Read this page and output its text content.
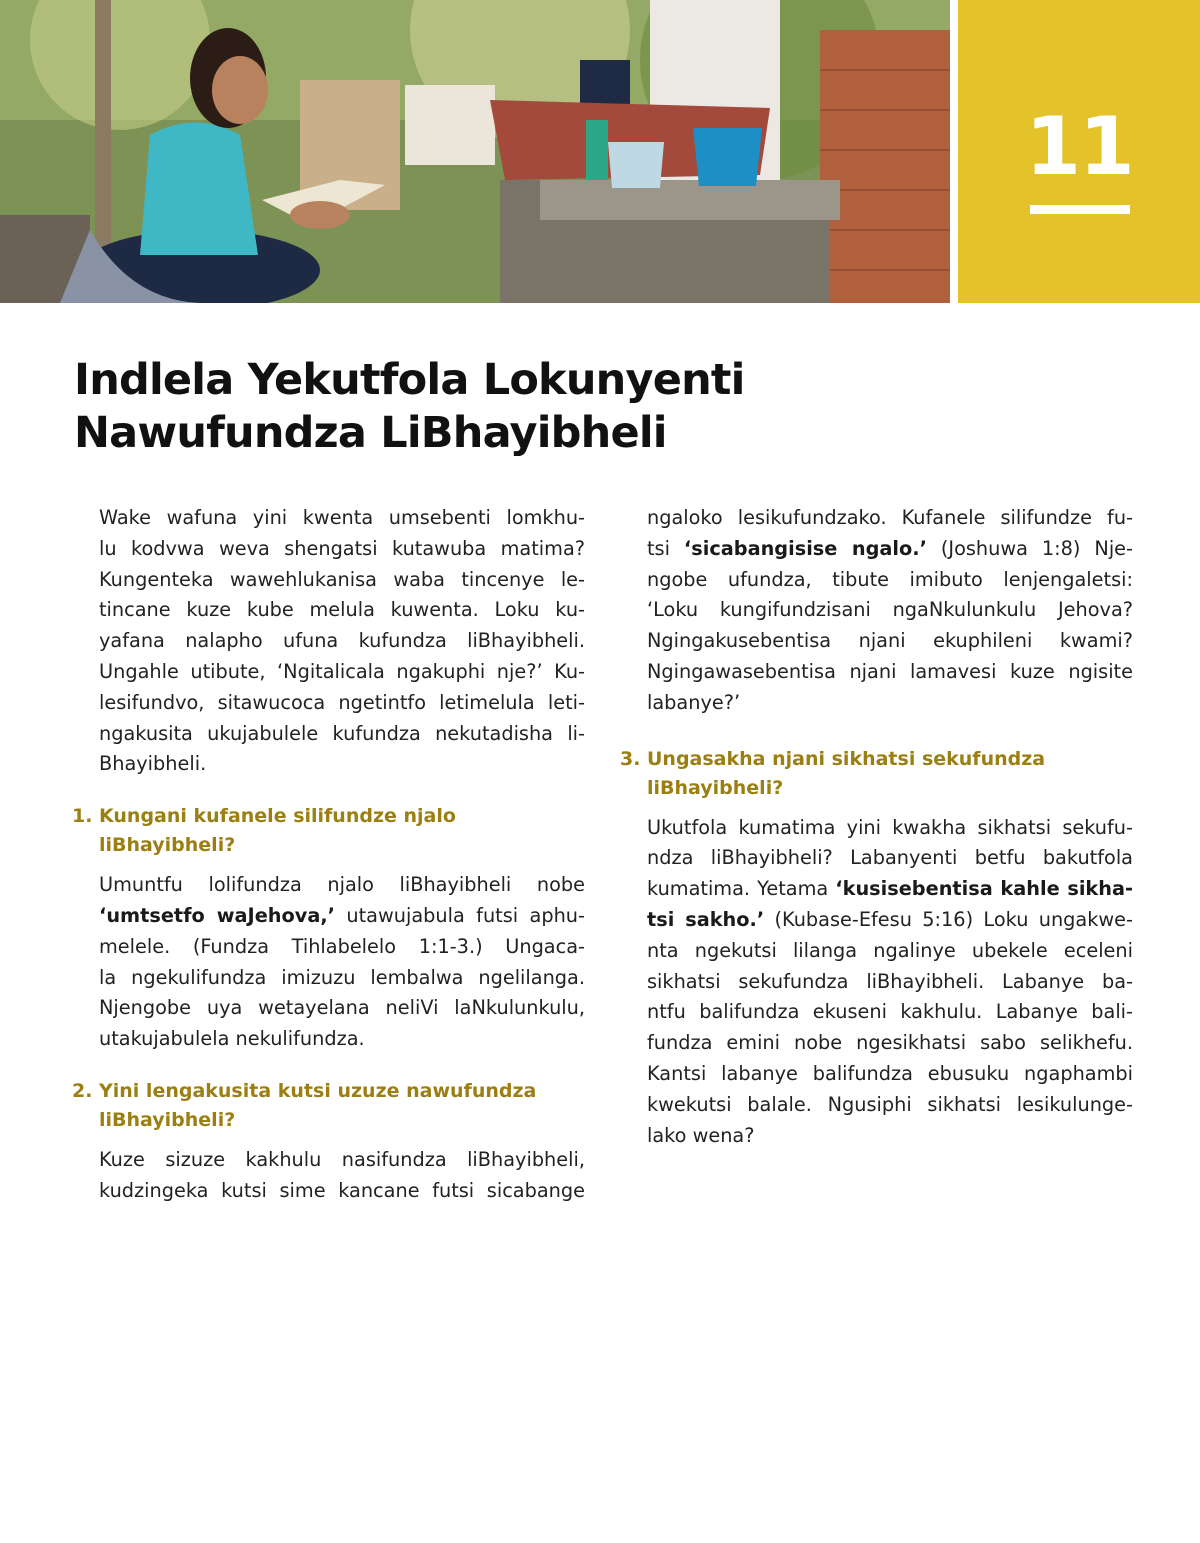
11
Indlela Yekutfola Lokunyenti
Nawufundza LiBhayibheli
Wake wafuna yini kwenta umsebenti lomkhu-
lu kodvwa weva shengatsi kutawuba matima?
Kungenteka wawehlukanisa waba tincenye le-
tincane kuze kube melula kuwenta. Loku ku-
yafana nalapho ufuna kufundza liBhayibheli.
Ungahle utibute, ‘Ngitalicala ngakuphi nje?’ Ku-
lesifundvo, sitawucoca ngetintfo letimelula leti-
ngakusita ukujabulele kufundza nekutadisha li-
Bhayibheli.
1. Kungani kufanele silifundze njalo
liBhayibheli?
Umuntfu lolifundza njalo liBhayibheli nobe
‘umtsetfo waJehova,’ utawujabula futsi aphu-
melele. (Fundza Tihlabelelo 1:1-3.) Ungaca-
la ngekulifundza imizuzu lembalwa ngelilanga.
Njengobe uya wetayelana neliVi laNkulunkulu,
utakujabulela nekulifundza.
2. Yini lengakusita kutsi uzuze nawufundza
liBhayibheli?
Kuze sizuze kakhulu nasifundza liBhayibheli,
kudzingeka kutsi sime kancane futsi sicabange
ngaloko lesikufundzako. Kufanele silifundze fu-
tsi ‘sicabangisise ngalo.’ (Joshuwa 1:8) Nje-
ngobe ufundza, tibute imibuto lenjengaletsi:
‘Loku kungifundzisani ngaNkulunkulu Jehova?
Ngingakusebentisa njani ekuphileni kwami?
Ngingawasebentisa njani lamavesi kuze ngisite
labanye?’
3. Ungasakha njani sikhatsi sekufundza
liBhayibheli?
Ukutfola kumatima yini kwakha sikhatsi sekufu-
ndza liBhayibheli? Labanyenti betfu bakutfola
kumatima. Yetama ‘kusisebentisa kahle sikha-
tsi sakho.’ (Kubase-Efesu 5:16) Loku ungakwe-
nta ngekutsi lilanga ngalinye ubekele eceleni
sikhatsi sekufundza liBhayibheli. Labanye ba-
ntfu balifundza ekuseni kakhulu. Labanye bali-
fundza emini nobe ngesikhatsi sabo selikhefu.
Kantsi labanye balifundza ebusuku ngaphambi
kwekutsi balale. Ngusiphi sikhatsi lesikulunge-
lako wena?
